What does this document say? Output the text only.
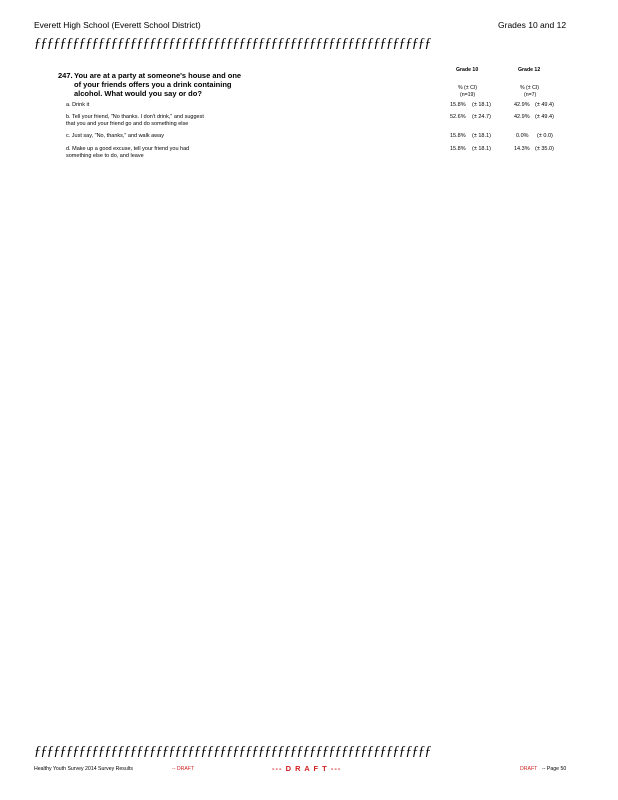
Everett High School (Everett School District)	Grades 10 and 12
ƒƒƒƒƒƒƒƒƒƒƒƒƒƒƒƒƒƒƒƒƒƒƒƒƒƒƒƒƒƒƒƒƒƒƒƒƒƒƒƒƒƒƒƒƒƒƒƒƒƒƒƒƒƒƒƒƒƒƒƒƒƒ
247. You are at a party at someone's house and one
of your friends offers you a drink containing
alcohol. What would you say or do?
Grade 10
% (± CI)
(n=19)
Grade 12
% (± CI)
(n=7)
a. Drink it	15.8% (± 18.1)	42.9% (± 49.4)
b. Tell your friend, "No thanks. I don't drink," and suggest
that you and your friend go and do something else
52.6% (± 24.7)	42.9% (± 49.4)
c. Just say, "No, thanks," and walk away	15.8% (± 18.1)	0.0% (± 0.0)
d. Make up a good excuse, tell your friend you had
something else to do, and leave
15.8% (± 18.1)	14.3% (± 35.0)
ƒƒƒƒƒƒƒƒƒƒƒƒƒƒƒƒƒƒƒƒƒƒƒƒƒƒƒƒƒƒƒƒƒƒƒƒƒƒƒƒƒƒƒƒƒƒƒƒƒƒƒƒƒƒƒƒƒƒƒƒƒƒ
Healthy Youth Survey 2014 Survey Results	-- DRAFT	--- D R A F T ---	DRAFT -- Page 50
